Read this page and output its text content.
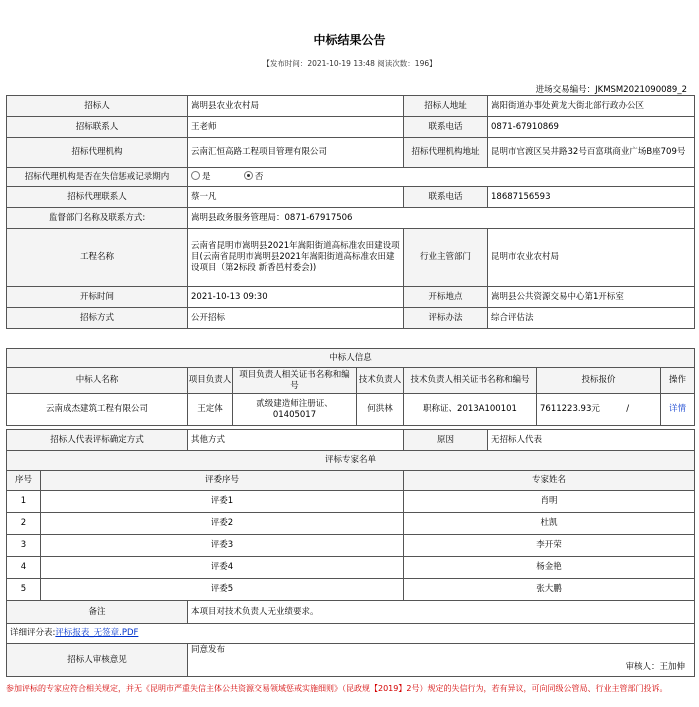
中标结果公告
【发布时间：2021-10-19 13:48 阅读次数：196】
进场交易编号：JKMSM2021090089_2
招标人	嵩明县农业农村局	招标人地址	嵩阳街道办事处黄龙大街北部行政办公区
招标联系人	王老师	联系电话	0871-67910869
招标代理机构	云南汇恒高路工程项目管理有限公司	招标代理机构地址	昆明市官渡区吴井路32号百富琪商业广场B座709号
招标代理机构是否在失信惩戒记录期内	是 否		
招标代理联系人	蔡一凡	联系电话	18687156593
监督部门名称及联系方式:	嵩明县政务服务管理局：0871-67917506		
工程名称	云南省昆明市嵩明县2021年嵩阳街道高标准农田建设项目(云南省昆明市嵩明县2021年嵩阳街道高标准农田建设项目（第2标段 新香邑村委会))	行业主管部门	昆明市农业农村局
开标时间	2021-10-13 09:30	开标地点	嵩明县公共资源交易中心第1开标室
招标方式	公开招标	评标办法	综合评估法
中标人信息						
中标人名称	项目负责人	项目负责人相关证书名称和编号	技术负责人	技术负责人相关证书名称和编号	投标报价	操作
云南成杰建筑工程有限公司	王定体	贰级建造师注册证、01405017	何洪林	职称证、2013A100101	7611223.93元 /	详情
招标人代表评标确定方式		其他方式	原因	无招标人代表
评标专家名单				
序号	评委序号		专家姓名	
1	评委1		肖明	
2	评委2		杜凯	
3	评委3		李开荣	
4	评委4		杨金艳	
5	评委5		张大鹏	
备注		本项目对技术负责人无业绩要求。		
详细评分表:评标报表_无签章.PDF				
招标人审核意见		同意发布
审核人：王加伸		
参加评标的专家应符合相关规定，并无《昆明市严重失信主体公共资源交易领域惩戒实施细则》（昆政规【2019】2号）规定的失信行为，若有异议，可向同级公管局、行业主管部门投诉。
